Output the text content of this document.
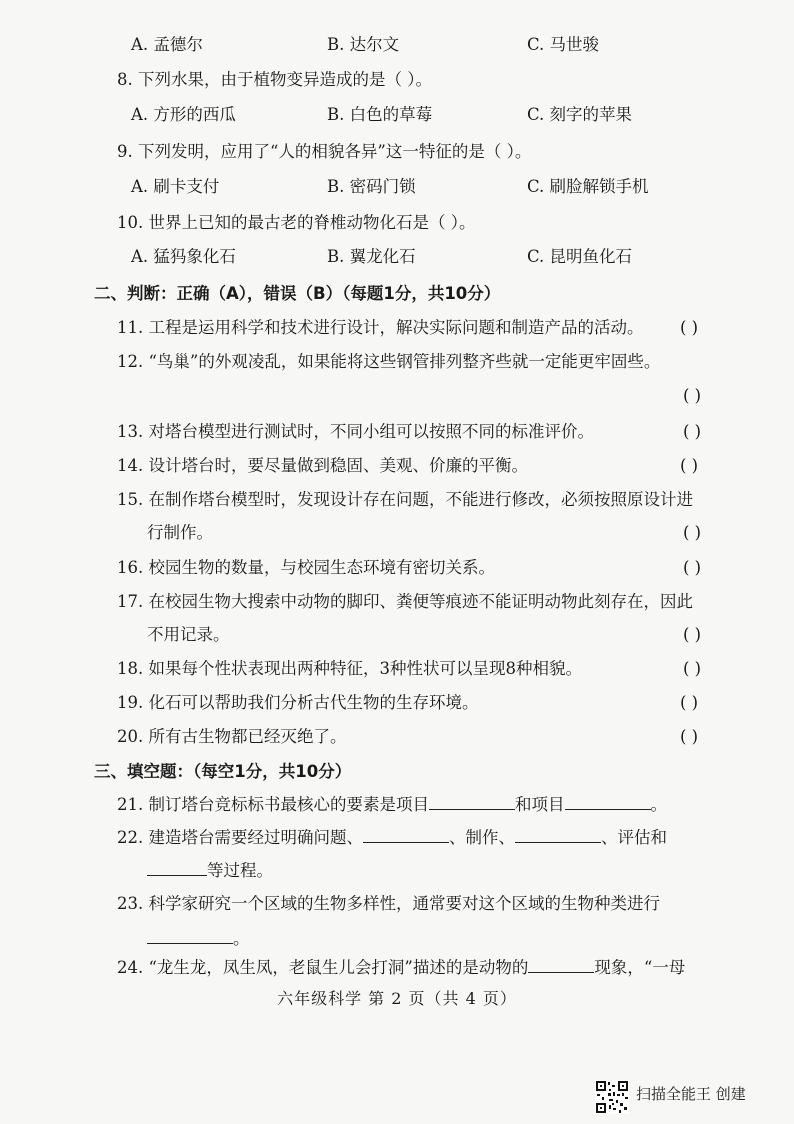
A. 孟德尔	B. 达尔文	C. 马世骏
8. 下列水果，由于植物变异造成的是（ ）。
A. 方形的西瓜	B. 白色的草莓	C. 刻字的苹果
9. 下列发明，应用了“人的相貌各异”这一特征的是（ ）。
A. 刷卡支付	B. 密码门锁	C. 刷脸解锁手机
10. 世界上已知的最古老的脊椎动物化石是（ ）。
A. 猛犸象化石	B. 翼龙化石	C. 昆明鱼化石
二、判断：正确（A），错误（B）（每题1分，共10分）
11. 工程是运用科学和技术进行设计，解决实际问题和制造产品的活动。 ( )
12. “鸟巢”的外观凌乱，如果能将这些钢管排列整齐些就一定能更牢固些。
( )
13. 对塔台模型进行测试时，不同小组可以按照不同的标准评价。	( )
14. 设计塔台时，要尽量做到稳固、美观、价廉的平衡。	( )
15. 在制作塔台模型时，发现设计存在问题，不能进行修改，必须按照原设计进
行制作。	( )
16. 校园生物的数量，与校园生态环境有密切关系。	( )
17. 在校园生物大搜索中动物的脚印、粪便等痕迹不能证明动物此刻存在，因此
不用记录。	( )
18. 如果每个性状表现出两种特征，3种性状可以呈现8种相貌。	( )
19. 化石可以帮助我们分析古代生物的生存环境。	( )
20. 所有古生物都已经灭绝了。	( )
三、填空题：（每空1分，共10分）
21. 制订塔台竞标标书最核心的要素是项目	和项目	。
22. 建造塔台需要经过明确问题、	、制作、	、评估和
等过程。
23. 科学家研究一个区域的生物多样性，通常要对这个区域的生物种类进行
。
24. “龙生龙，凤生凤，老鼠生儿会打洞”描述的是动物的	现象，“一母
六年级科学 第 2 页（共 4 页）
扫描全能王 创建
